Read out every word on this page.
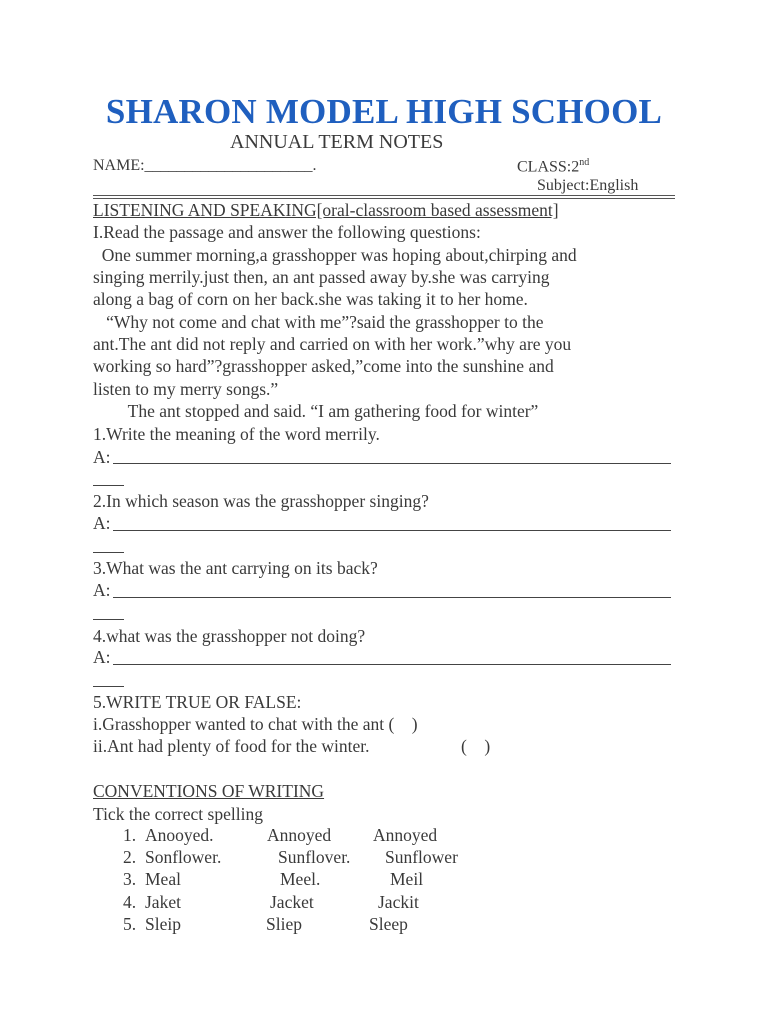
SHARON MODEL HIGH SCHOOL
ANNUAL TERM NOTES
NAME:_____________________.	CLASS:2nd
Subject:English
LISTENING AND SPEAKING[oral-classroom based assessment]
I.Read the passage and answer the following questions:
One summer morning,a grasshopper was hoping about,chirping and
singing merrily.just then, an ant passed away by.she was carrying
along a bag of corn on her back.she was taking it to her home.
“Why not come and chat with me”?said the grasshopper to the
ant.The ant did not reply and carried on with her work.”why are you
working so hard”?grasshopper asked,”come into the sunshine and
listen to my merry songs.”
The ant stopped and said. “I am gathering food for winter”
1.Write the meaning of the word merrily.
A:
2.In which season was the grasshopper singing?
A:
3.What was the ant carrying on its back?
A:
4.what was the grasshopper not doing?
A:
5.WRITE TRUE OR FALSE:
i.Grasshopper wanted to chat with the ant (    )
ii.Ant had plenty of food for the winter.	(    )
CONVENTIONS OF WRITING
Tick the correct spelling
1. Anooyed.	Annoyed Annoyed
2. Sonflower.	Sunflover. Sunflower
3. Meal	Meel.	Meil
4. Jaket	Jacket	Jackit
5. Sleip	Sliep	Sleep
